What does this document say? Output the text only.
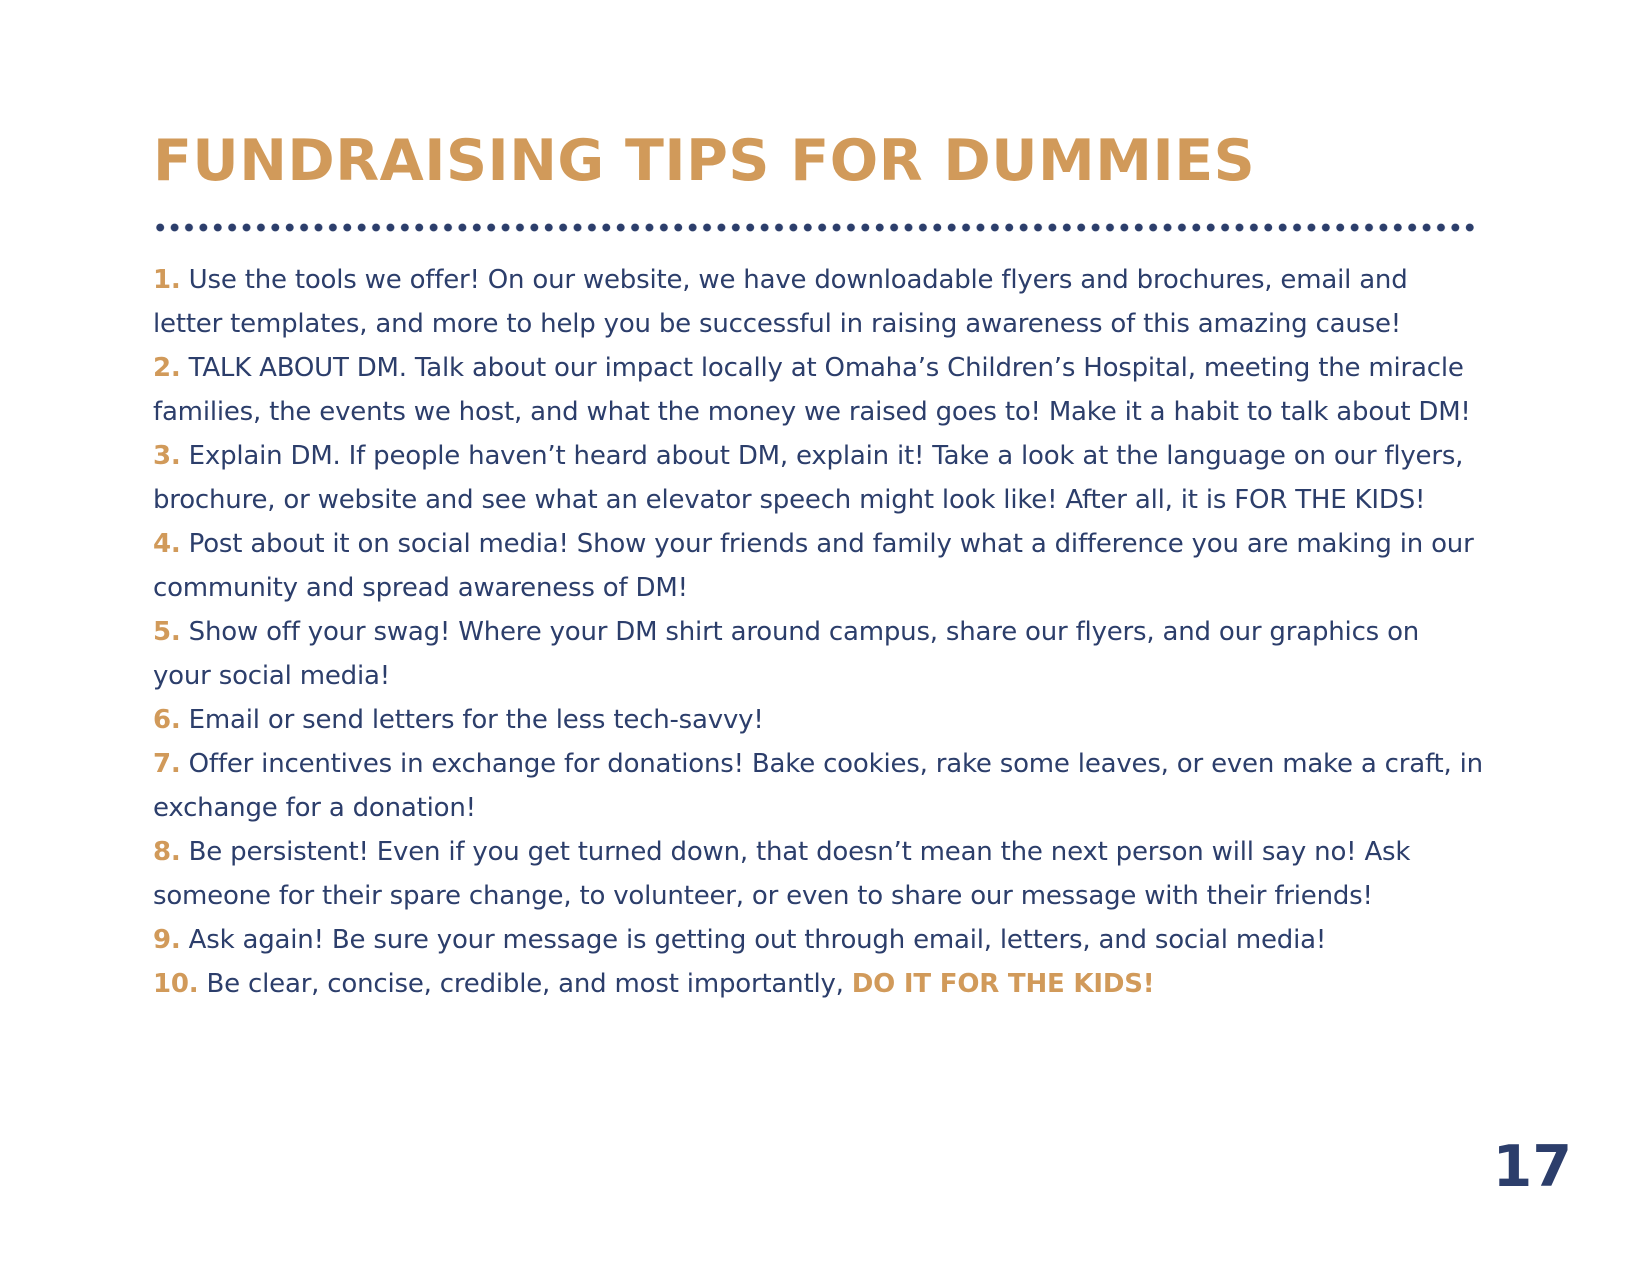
FUNDRAISING TIPS FOR DUMMIES
1. Use the tools we offer! On our website, we have downloadable flyers and brochures, email and letter templates, and more to help you be successful in raising awareness of this amazing cause!
2. TALK ABOUT DM. Talk about our impact locally at Omaha’s Children’s Hospital, meeting the miracle families, the events we host, and what the money we raised goes to! Make it a habit to talk about DM!
3. Explain DM. If people haven’t heard about DM, explain it! Take a look at the language on our flyers, brochure, or website and see what an elevator speech might look like! After all, it is FOR THE KIDS!
4. Post about it on social media! Show your friends and family what a difference you are making in our community and spread awareness of DM!
5. Show off your swag! Where your DM shirt around campus, share our flyers, and our graphics on your social media!
6. Email or send letters for the less tech-savvy!
7. Offer incentives in exchange for donations! Bake cookies, rake some leaves, or even make a craft, in exchange for a donation!
8. Be persistent! Even if you get turned down, that doesn’t mean the next person will say no! Ask someone for their spare change, to volunteer, or even to share our message with their friends!
9. Ask again! Be sure your message is getting out through email, letters, and social media!
10. Be clear, concise, credible, and most importantly, DO IT FOR THE KIDS!
17
